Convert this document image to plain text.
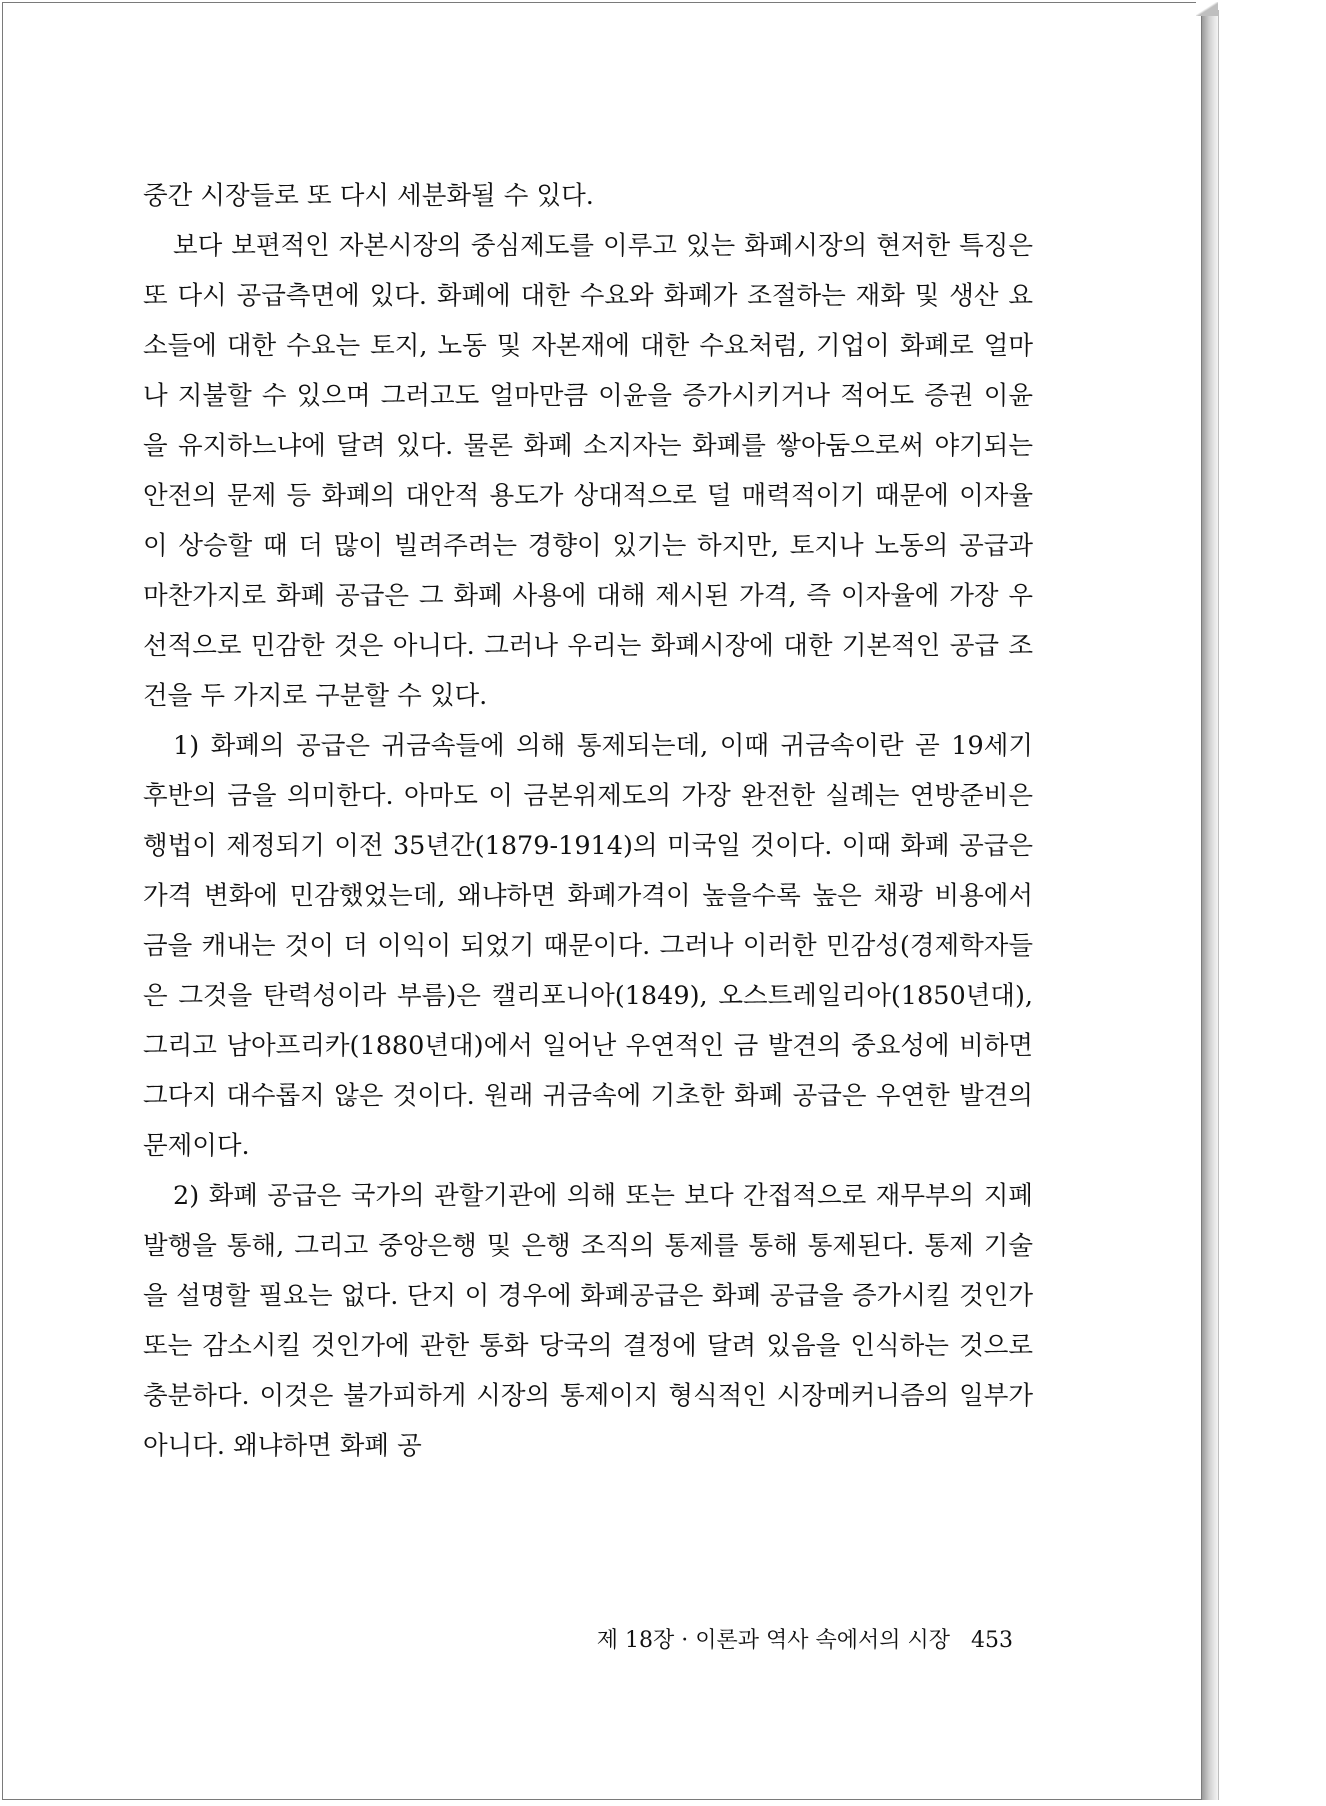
중간 시장들로 또 다시 세분화될 수 있다.

보다 보편적인 자본시장의 중심제도를 이루고 있는 화폐시장의 현저한 특징은 또 다시 공급측면에 있다. 화폐에 대한 수요와 화폐가 조절하는 재화 및 생산 요소들에 대한 수요는 토지, 노동 및 자본재에 대한 수요처럼, 기업이 화폐로 얼마나 지불할 수 있으며 그러고도 얼마만큼 이윤을 증가시키거나 적어도 증권 이윤을 유지하느냐에 달려 있다. 물론 화폐 소지자는 화폐를 쌓아둠으로써 야기되는 안전의 문제 등 화폐의 대안적 용도가 상대적으로 덜 매력적이기 때문에 이자율이 상승할 때 더 많이 빌려주려는 경향이 있기는 하지만, 토지나 노동의 공급과 마찬가지로 화폐 공급은 그 화폐 사용에 대해 제시된 가격, 즉 이자율에 가장 우선적으로 민감한 것은 아니다. 그러나 우리는 화폐시장에 대한 기본적인 공급 조건을 두 가지로 구분할 수 있다.

1) 화폐의 공급은 귀금속들에 의해 통제되는데, 이때 귀금속이란 곧 19세기 후반의 금을 의미한다. 아마도 이 금본위제도의 가장 완전한 실례는 연방준비은행법이 제정되기 이전 35년간(1879-1914)의 미국일 것이다. 이때 화폐 공급은 가격 변화에 민감했었는데, 왜냐하면 화폐가격이 높을수록 높은 채광 비용에서 금을 캐내는 것이 더 이익이 되었기 때문이다. 그러나 이러한 민감성(경제학자들은 그것을 탄력성이라 부름)은 캘리포니아(1849), 오스트레일리아(1850년대), 그리고 남아프리카(1880년대)에서 일어난 우연적인 금 발견의 중요성에 비하면 그다지 대수롭지 않은 것이다. 원래 귀금속에 기초한 화폐 공급은 우연한 발견의 문제이다.

2) 화폐 공급은 국가의 관할기관에 의해 또는 보다 간접적으로 재무부의 지폐발행을 통해, 그리고 중앙은행 및 은행 조직의 통제를 통해 통제된다. 통제 기술을 설명할 필요는 없다. 단지 이 경우에 화폐공급은 화폐 공급을 증가시킬 것인가 또는 감소시킬 것인가에 관한 통화 당국의 결정에 달려 있음을 인식하는 것으로 충분하다. 이것은 불가피하게 시장의 통제이지 형식적인 시장메커니즘의 일부가 아니다. 왜냐하면 화폐 공

제 18장 · 이론과 역사 속에서의 시장 453
